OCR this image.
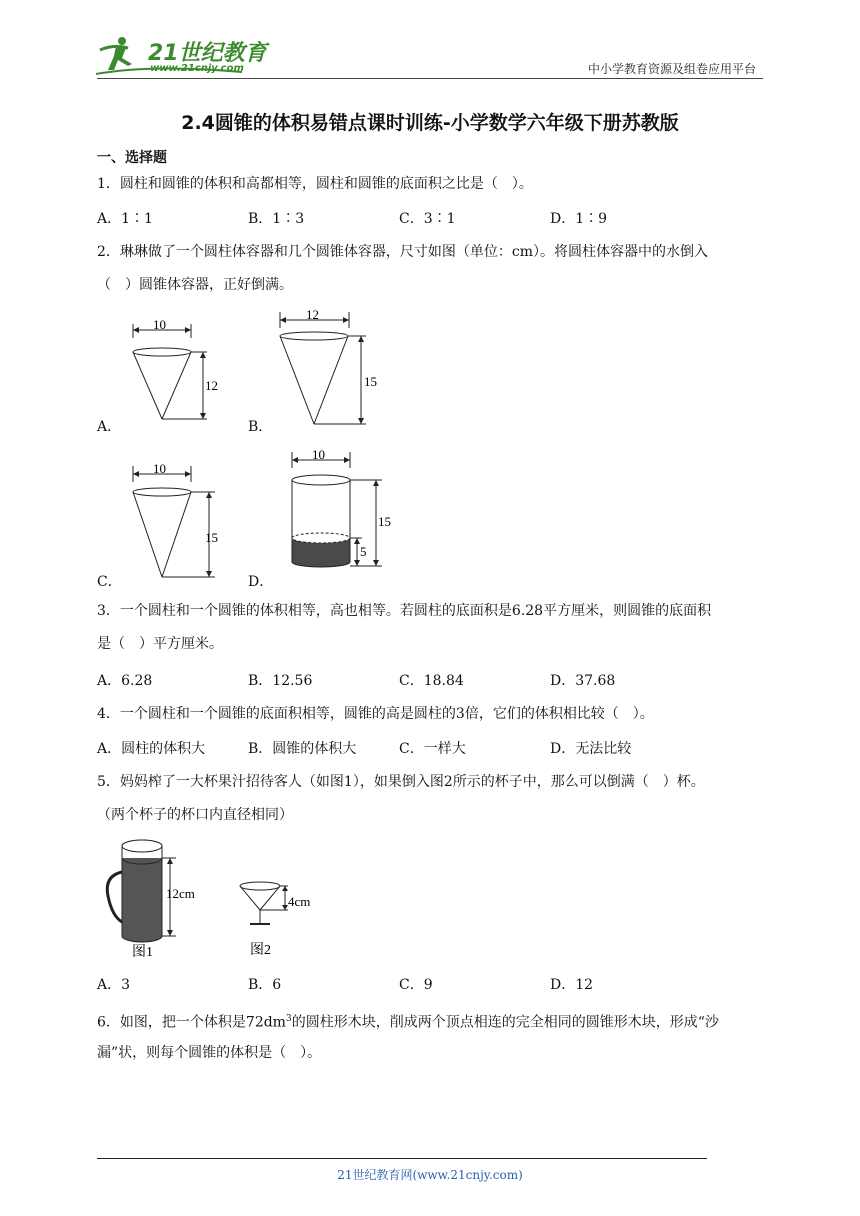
21世纪教育
www.21cnjy.com	中小学教育资源及组卷应用平台
2.4圆锥的体积易错点课时训练-小学数学六年级下册苏教版
一、选择题
1．圆柱和圆锥的体积和高都相等，圆柱和圆锥的底面积之比是（　）。
A．1∶1	B．1∶3	C．3∶1	D．1∶9
2．琳琳做了一个圆柱体容器和几个圆锥体容器，尺寸如图（单位：cm）。将圆柱体容器中的水倒入
（　）圆锥体容器，正好倒满。
10
12
A．
12
15
B．
10
15
C．
10
15
5
D．
3．一个圆柱和一个圆锥的体积相等，高也相等。若圆柱的底面积是6.28平方厘米，则圆锥的底面积
是（　）平方厘米。
A．6.28	B．12.56	C．18.84	D．37.68
4．一个圆柱和一个圆锥的底面积相等，圆锥的高是圆柱的3倍，它们的体积相比较（　）。
A．圆柱的体积大	B．圆锥的体积大	C．一样大	D．无法比较
5．妈妈榨了一大杯果汁招待客人（如图1），如果倒入图2所示的杯子中，那么可以倒满（　）杯。
（两个杯子的杯口内直径相同）
12cm
图1
4cm
图2
A．3	B．6	C．9	D．12
6．如图，把一个体积是$72dm^3$的圆柱形木块，削成两个顶点相连的完全相同的圆锥形木块，形成“沙
漏”状，则每个圆锥的体积是（　）。
21世纪教育网(www.21cnjy.com)
